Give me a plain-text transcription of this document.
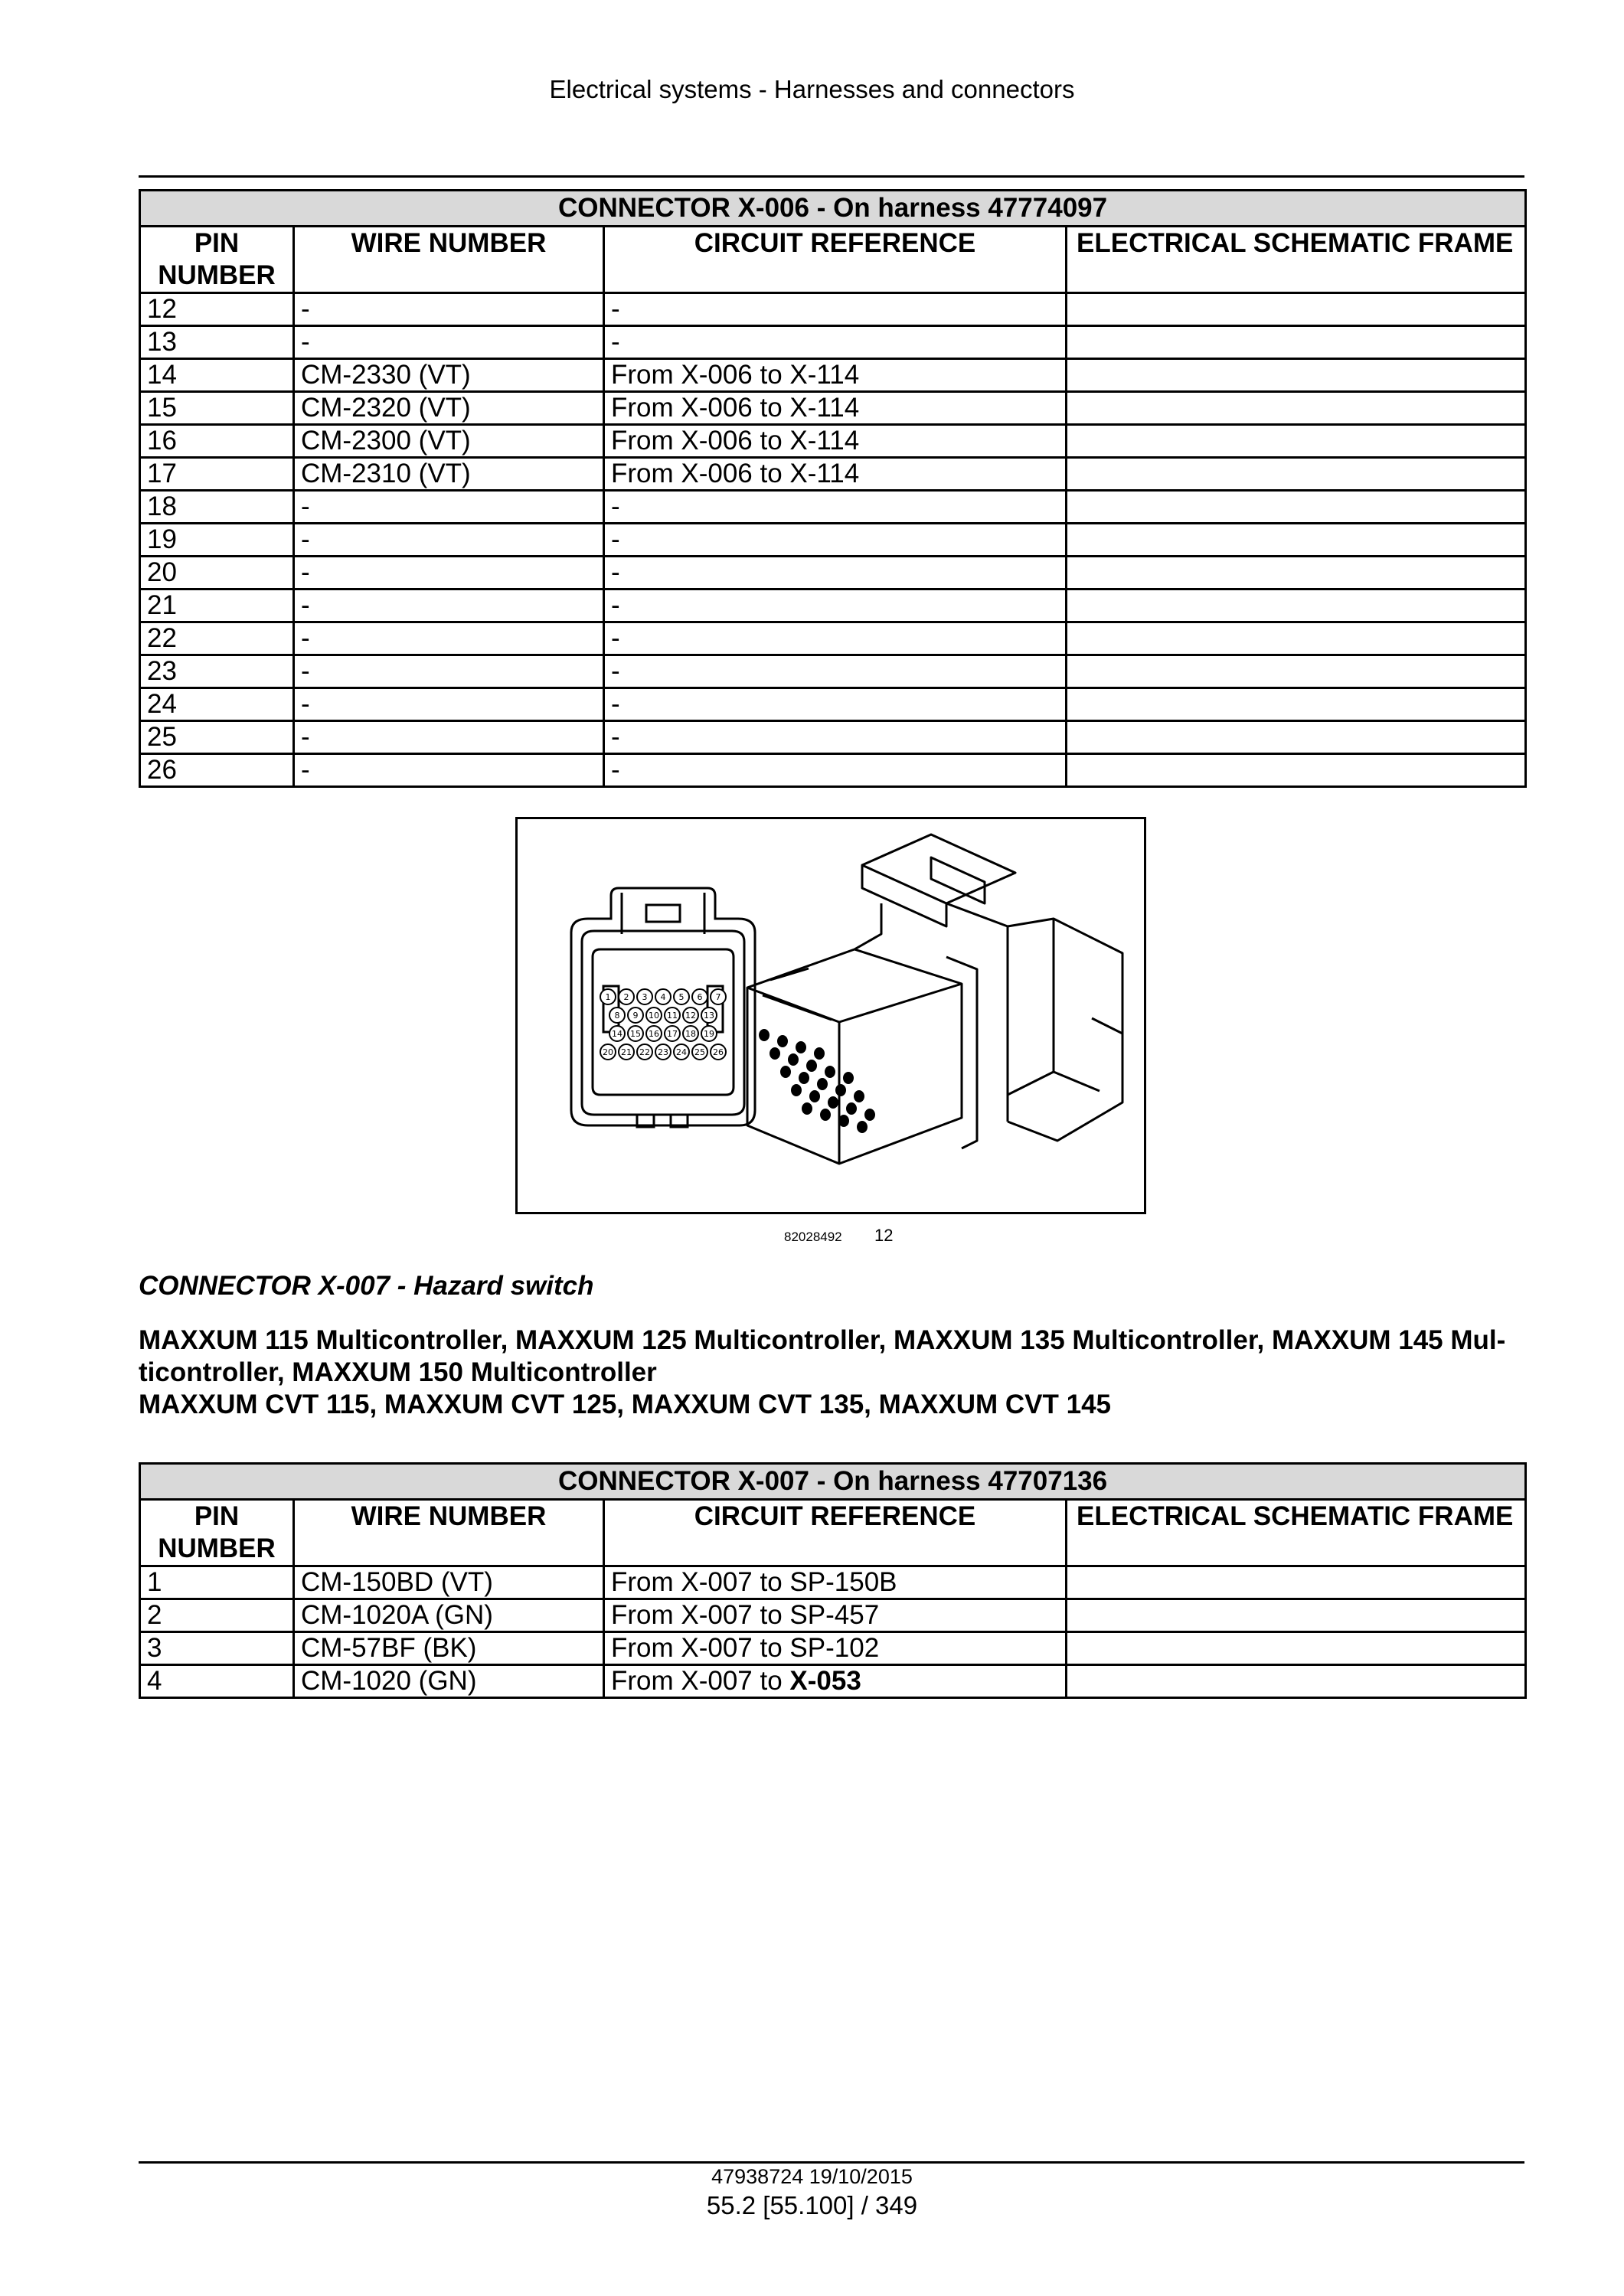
Electrical systems - Harnesses and connectors
CONNECTOR X-006 - On harness 47774097			
PIN NUMBER	WIRE NUMBER	CIRCUIT REFERENCE	ELECTRICAL SCHEMATIC FRAME
12	-	-	
13	-	-	
14	CM-2330 (VT)	From X-006 to X-114	
15	CM-2320 (VT)	From X-006 to X-114	
16	CM-2300 (VT)	From X-006 to X-114	
17	CM-2310 (VT)	From X-006 to X-114	
18	-	-	
19	-	-	
20	-	-	
21	-	-	
22	-	-	
23	-	-	
24	-	-	
25	-	-	
26	-	-	
1 2 3 4 5 6 7
8 9 10 11 12 13
14 15 16 17 18 19
20 21 22 23 24 25 26
82028492 12
CONNECTOR X-007 - Hazard switch
MAXXUM 115 Multicontroller, MAXXUM 125 Multicontroller, MAXXUM 135 Multicontroller, MAXXUM 145 Mul-
ticontroller, MAXXUM 150 Multicontroller
MAXXUM CVT 115, MAXXUM CVT 125, MAXXUM CVT 135, MAXXUM CVT 145
CONNECTOR X-007 - On harness 47707136			
PIN NUMBER	WIRE NUMBER	CIRCUIT REFERENCE	ELECTRICAL SCHEMATIC FRAME
1	CM-150BD (VT)	From X-007 to SP-150B	
2	CM-1020A (GN)	From X-007 to SP-457	
3	CM-57BF (BK)	From X-007 to SP-102	
4	CM-1020 (GN)	From X-007 to X-053	
47938724 19/10/2015
55.2 [55.100] / 349
